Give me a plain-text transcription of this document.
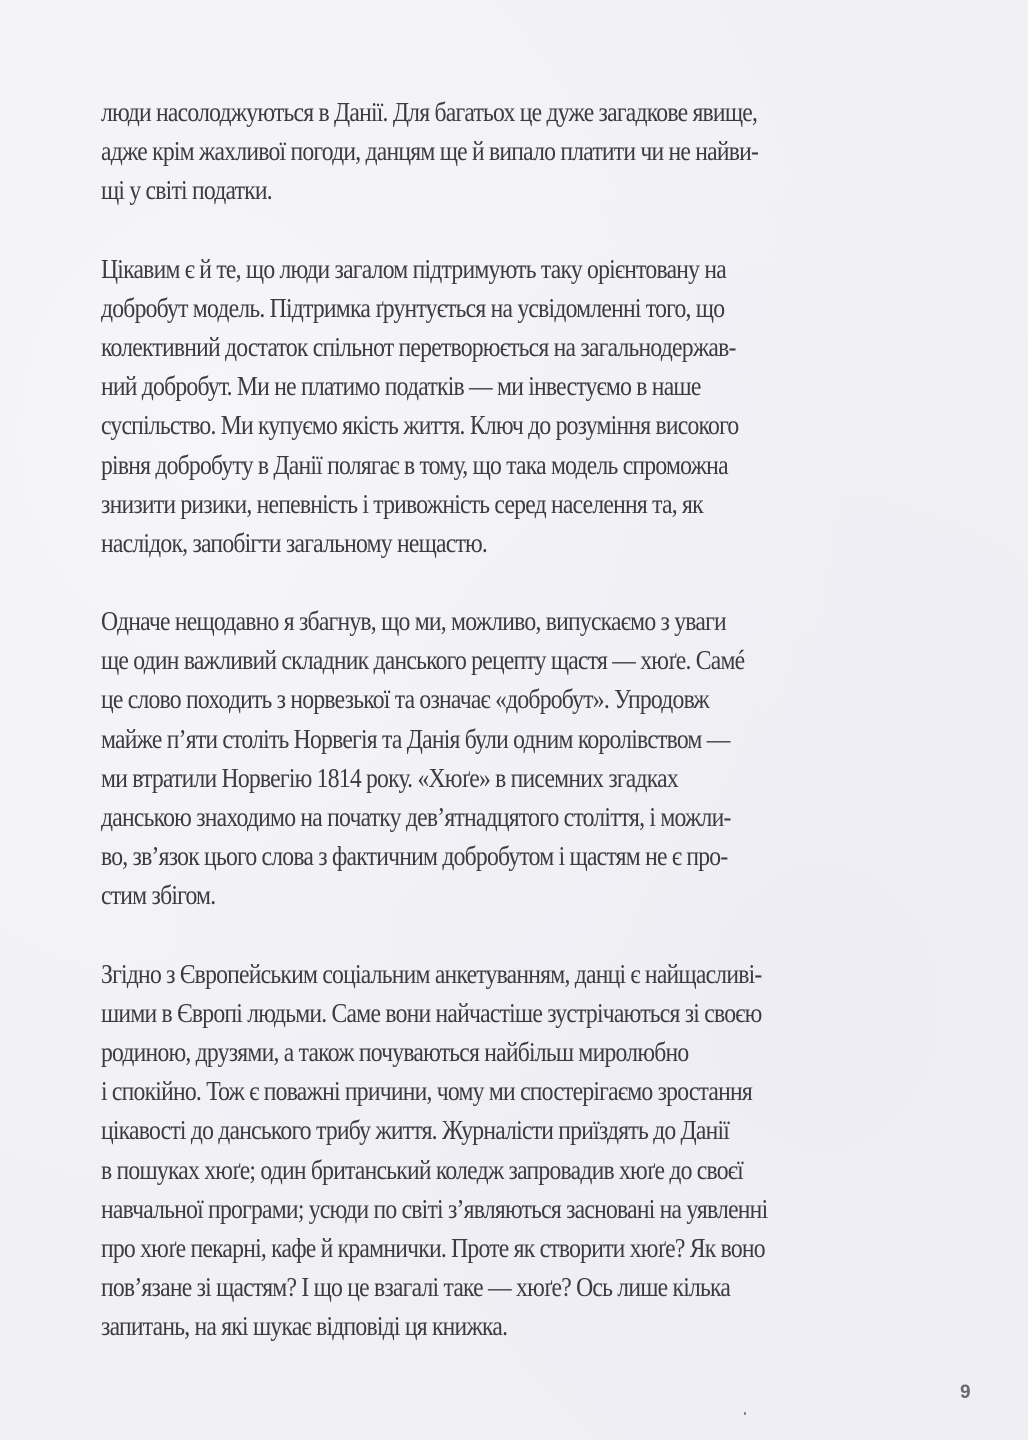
люди насолоджуються в Данії. Для багатьох це дуже загадкове явище,
адже крім жахливої погоди, данцям ще й випало платити чи не найви-
щі у світі податки.

Цікавим є й те, що люди загалом підтримують таку орієнтовану на
добробут модель. Підтримка ґрунтується на усвідомленні того, що
колективний достаток спільнот перетворюється на загальнодержав-
ний добробут. Ми не платимо податків — ми інвестуємо в наше
суспільство. Ми купуємо якість життя. Ключ до розуміння високого
рівня добробуту в Данії полягає в тому, що така модель спроможна
знизити ризики, непевність і тривожність серед населення та, як
наслідок, запобігти загальному нещастю.

Одначе нещодавно я збагнув, що ми, можливо, випускаємо з уваги
ще один важливий складник данського рецепту щастя — хюґе. Самé
це слово походить з норвезької та означає «добробут». Упродовж
майже п’яти століть Норвегія та Данія були одним королівством —
ми втратили Норвегію 1814 року. «Хюґе» в писемних згадках
данською знаходимо на початку дев’ятнадцятого століття, і можли-
во, зв’язок цього слова з фактичним добробутом і щастям не є про-
стим збігом.

Згідно з Європейським соціальним анкетуванням, данці є найщасливі-
шими в Європі людьми. Саме вони найчастіше зустрічаються зі своєю
родиною, друзями, а також почуваються найбільш миролюбно
і спокійно. Тож є поважні причини, чому ми спостерігаємо зростання
цікавості до данського трибу життя. Журналісти приїздять до Данії
в пошуках хюґе; один британський коледж запровадив хюґе до своєї
навчальної програми; усюди по світі з’являються засновані на уявленні
про хюґе пекарні, кафе й крамнички. Проте як створити хюґе? Як воно
пов’язане зі щастям? І що це взагалі таке — хюґе? Ось лише кілька
запитань, на які шукає відповіді ця книжка.

9
